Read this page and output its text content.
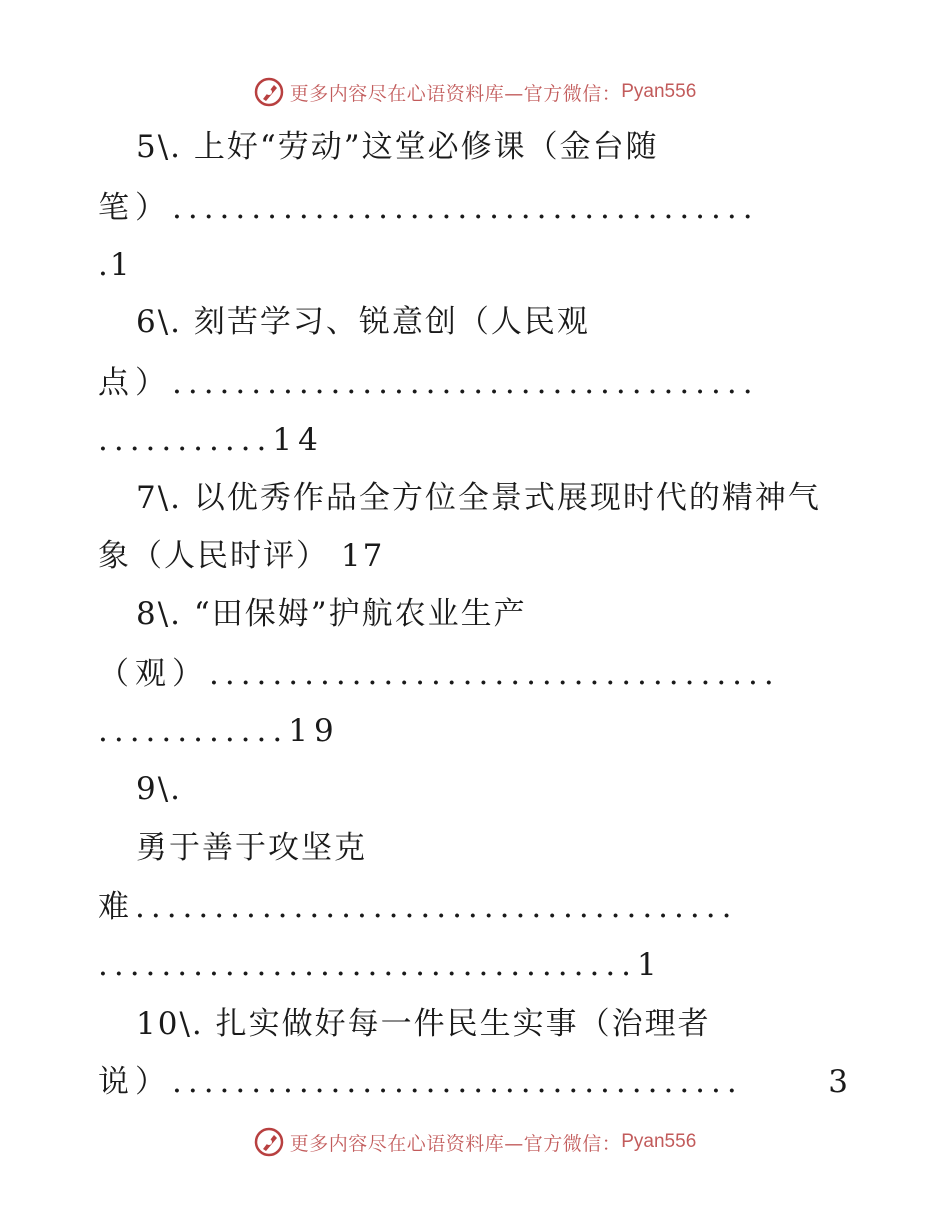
更多内容尽在心语资料库—官方微信： Pyan556
5\. 上好“劳动”这堂必修课（金台随
笔）.....................................
.1
6\. 刻苦学习、锐意创（人民观
点）.....................................
...........14
7\. 以优秀作品全方位全景式展现时代的精神气
象（人民时评） 17
8\. “田保姆”护航农业生产
（观）....................................
............19
9\.
勇于善于攻坚克
难......................................
..................................1
10\. 扎实做好每一件民生实事（治理者
说）....................................	3
更多内容尽在心语资料库—官方微信： Pyan556
